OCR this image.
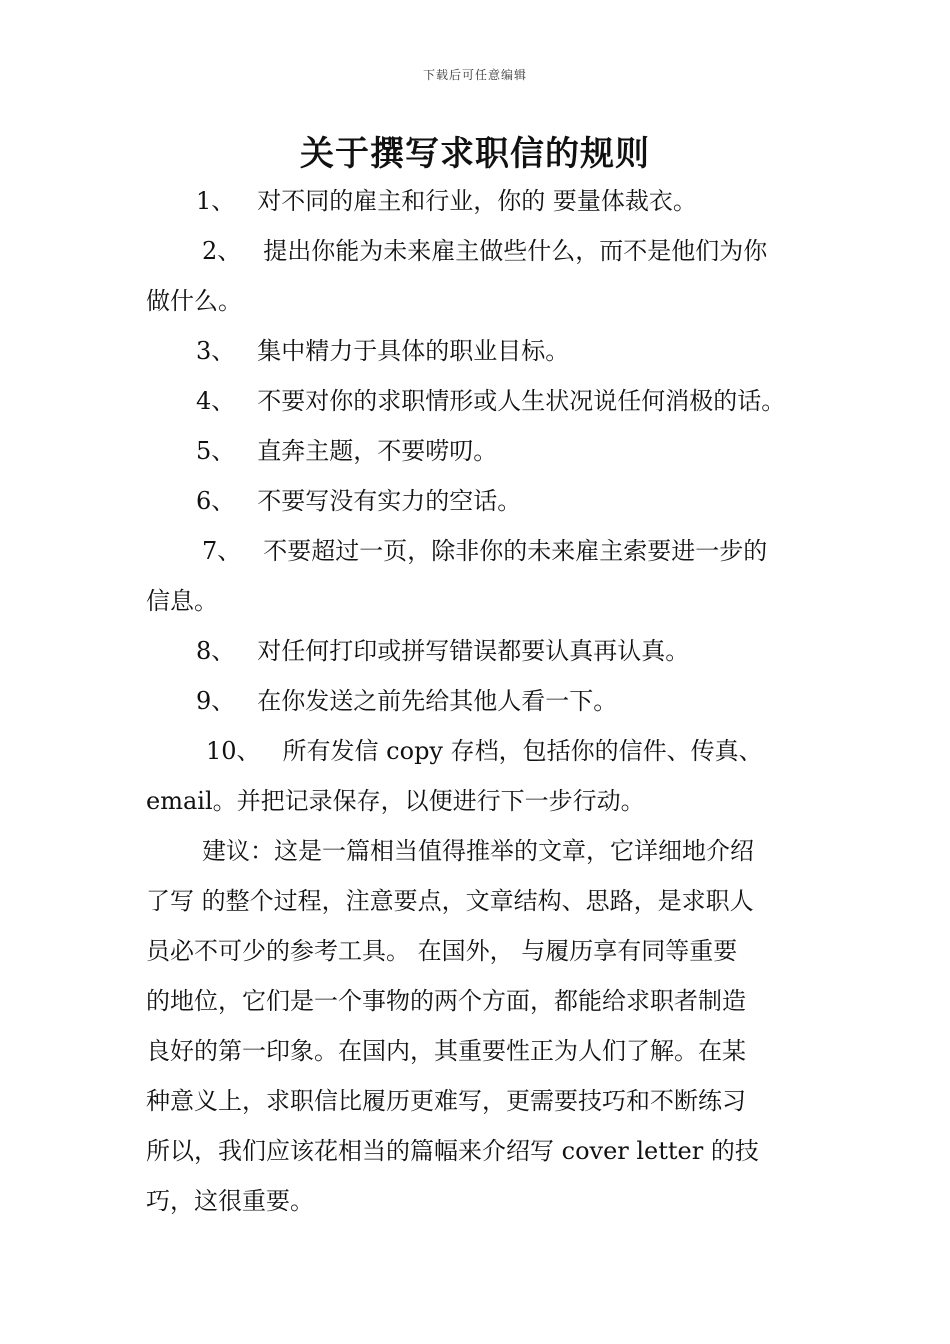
下载后可任意编辑
关于撰写求职信的规则
1、 对不同的雇主和行业，你的 要量体裁衣。
2、 提出你能为未来雇主做些什么，而不是他们为你
做什么。
3、 集中精力于具体的职业目标。
4、 不要对你的求职情形或人生状况说任何消极的话。
5、 直奔主题，不要唠叨。
6、 不要写没有实力的空话。
7、 不要超过一页，除非你的未来雇主索要进一步的
信息。
8、 对任何打印或拼写错误都要认真再认真。
9、 在你发送之前先给其他人看一下。
10、 所有发信 copy 存档，包括你的信件、传真、
email。并把记录保存，以便进行下一步行动。
建议：这是一篇相当值得推举的文章，它详细地介绍
了写 的整个过程，注意要点，文章结构、思路，是求职人
员必不可少的参考工具。 在国外， 与履历享有同等重要
的地位，它们是一个事物的两个方面，都能给求职者制造
良好的第一印象。在国内，其重要性正为人们了解。在某
种意义上，求职信比履历更难写，更需要技巧和不断练习
所以，我们应该花相当的篇幅来介绍写 cover letter 的技
巧，这很重要。
